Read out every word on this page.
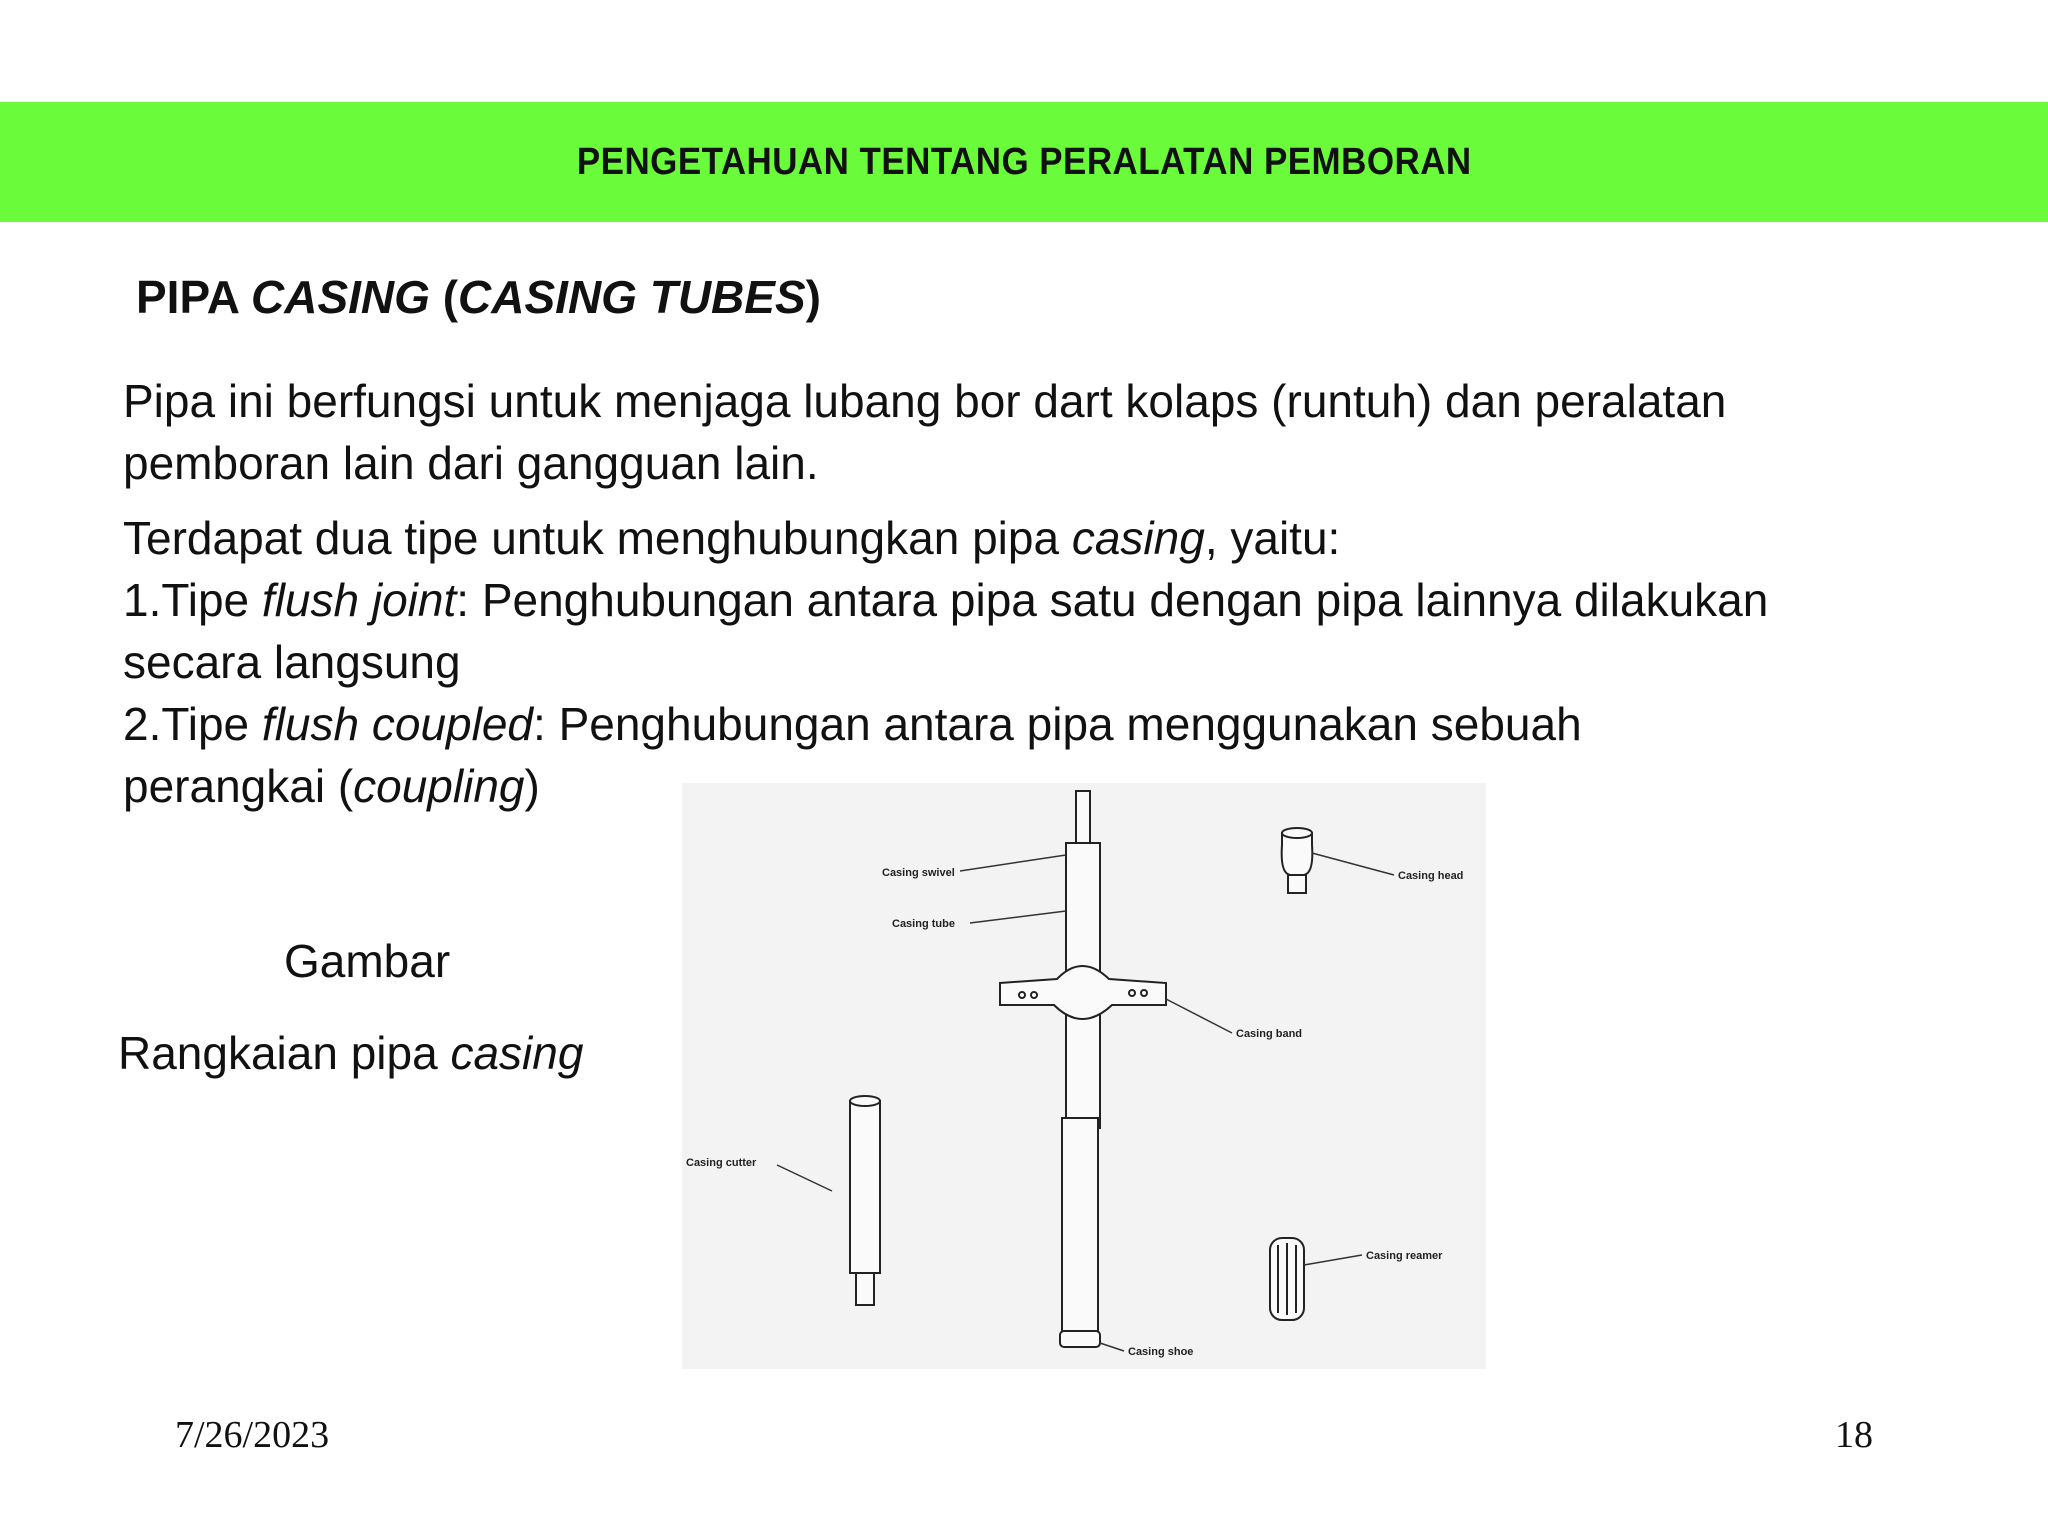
PENGETAHUAN TENTANG PERALATAN PEMBORAN
PIPA CASING (CASING TUBES)
Pipa ini berfungsi untuk menjaga lubang bor dart kolaps (runtuh) dan peralatan
pemboran lain dari gangguan lain.
Terdapat dua tipe untuk menghubungkan pipa casing, yaitu:
1.Tipe flush joint: Penghubungan antara pipa satu dengan pipa lainnya dilakukan
secara langsung
2.Tipe flush coupled: Penghubungan antara pipa menggunakan sebuah
perangkai (coupling)
Gambar
Rangkaian pipa casing
Casing swivel
Casing tube
Casing head
Casing band
Casing cutter
Casing reamer
Casing shoe
7/26/2023	18
